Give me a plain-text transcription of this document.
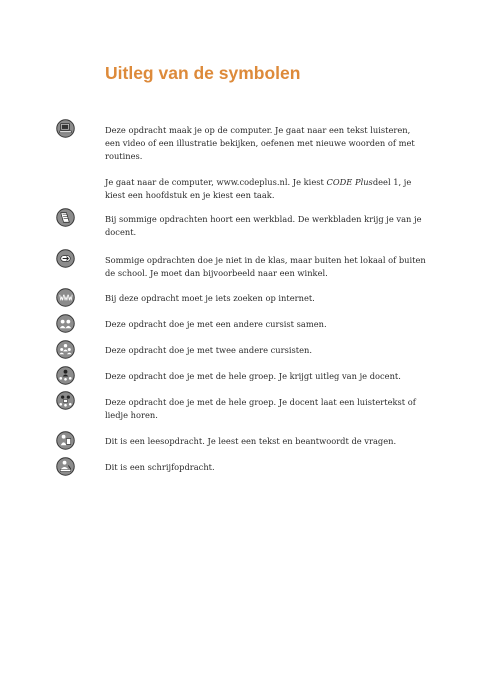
Uitleg van de symbolen
Deze opdracht maak je op de computer. Je gaat naar een tekst luisteren,
een video of een illustratie bekijken, oefenen met nieuwe woorden of met
routines.
Je gaat naar de computer, www.codeplus.nl. Je kiest CODE Plusdeel 1, je
kiest een hoofdstuk en je kiest een taak.
Bij sommige opdrachten hoort een werkblad. De werkbladen krijg je van je
docent.
Sommige opdrachten doe je niet in de klas, maar buiten het lokaal of buiten
de school. Je moet dan bijvoorbeeld naar een winkel.
Bij deze opdracht moet je iets zoeken op internet.
Deze opdracht doe je met een andere cursist samen.
Deze opdracht doe je met twee andere cursisten.
Deze opdracht doe je met de hele groep. Je krijgt uitleg van je docent.
Deze opdracht doe je met de hele groep. Je docent laat een luistertekst of
liedje horen.
Dit is een leesopdracht. Je leest een tekst en beantwoordt de vragen.
Dit is een schrijfopdracht.
